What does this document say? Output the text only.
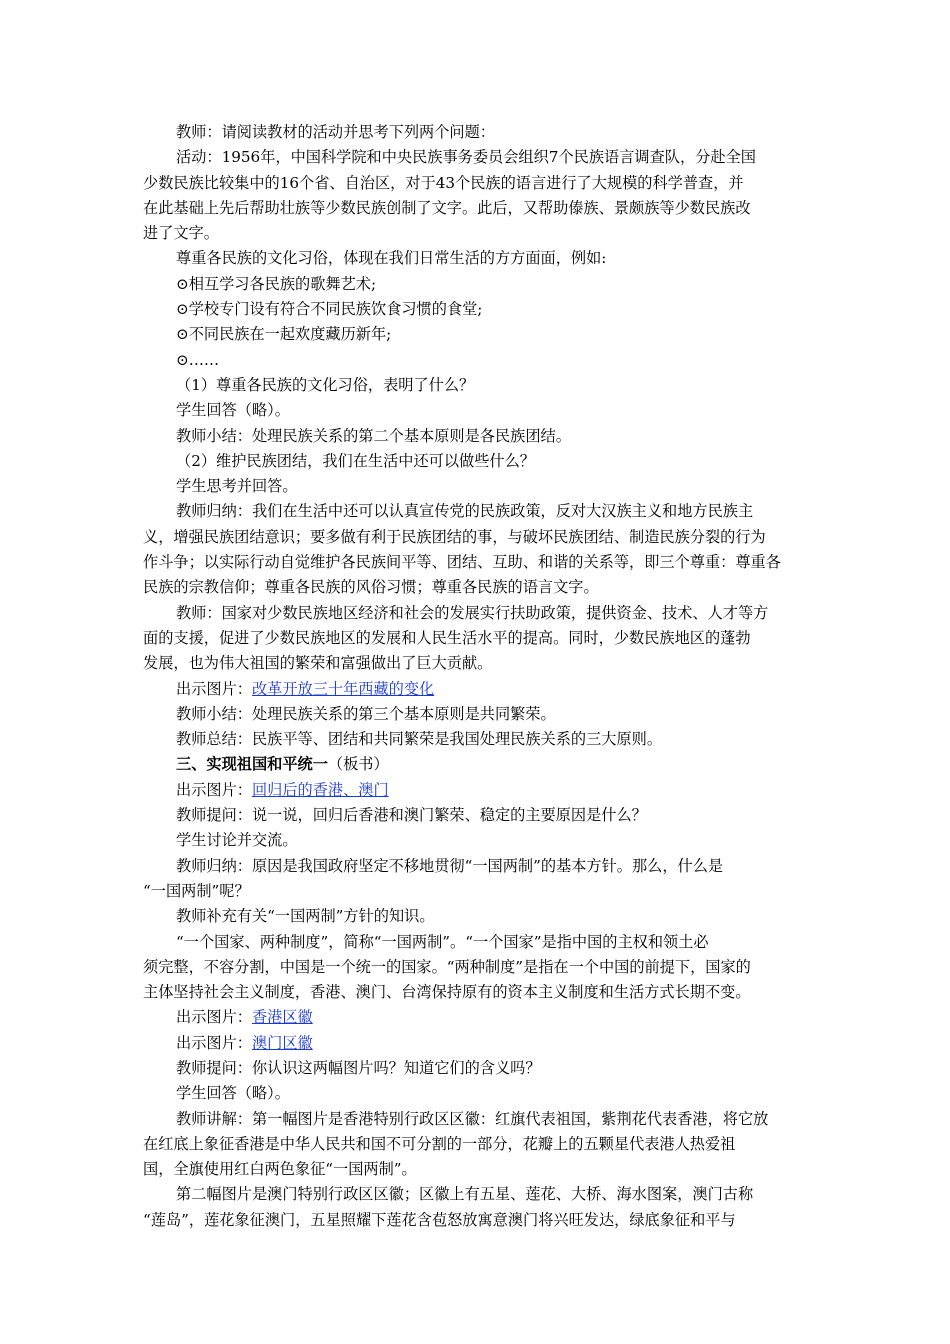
教师：请阅读教材的活动并思考下列两个问题：
活动：1956年，中国科学院和中央民族事务委员会组织7个民族语言调查队，分赴全国
少数民族比较集中的16个省、自治区，对于43个民族的语言进行了大规模的科学普查，并
在此基础上先后帮助壮族等少数民族创制了文字。此后，又帮助傣族、景颇族等少数民族改
进了文字。
尊重各民族的文化习俗，体现在我们日常生活的方方面面，例如:
⊙相互学习各民族的歌舞艺术;
⊙学校专门设有符合不同民族饮食习惯的食堂;
⊙不同民族在一起欢度藏历新年;
⊙……
（1）尊重各民族的文化习俗，表明了什么？
学生回答（略）。
教师小结：处理民族关系的第二个基本原则是各民族团结。
（2）维护民族团结，我们在生活中还可以做些什么？
学生思考并回答。
教师归纳：我们在生活中还可以认真宣传党的民族政策，反对大汉族主义和地方民族主
义，增强民族团结意识；要多做有利于民族团结的事，与破坏民族团结、制造民族分裂的行为
作斗争；以实际行动自觉维护各民族间平等、团结、互助、和谐的关系等，即三个尊重：尊重各
民族的宗教信仰；尊重各民族的风俗习惯；尊重各民族的语言文字。
教师：国家对少数民族地区经济和社会的发展实行扶助政策，提供资金、技术、人才等方
面的支援，促进了少数民族地区的发展和人民生活水平的提高。同时，少数民族地区的蓬勃
发展，也为伟大祖国的繁荣和富强做出了巨大贡献。
出示图片：改革开放三十年西藏的变化
教师小结：处理民族关系的第三个基本原则是共同繁荣。
教师总结：民族平等、团结和共同繁荣是我国处理民族关系的三大原则。
三、实现祖国和平统一（板书）
出示图片：回归后的香港、澳门
教师提问：说一说，回归后香港和澳门繁荣、稳定的主要原因是什么？
学生讨论并交流。
教师归纳：原因是我国政府坚定不移地贯彻“一国两制”的基本方针。那么，什么是
“一国两制”呢？
教师补充有关“一国两制”方针的知识。
“一个国家、两种制度”，简称“一国两制”。“一个国家”是指中国的主权和领土必
须完整，不容分割，中国是一个统一的国家。“两种制度”是指在一个中国的前提下，国家的
主体坚持社会主义制度，香港、澳门、台湾保持原有的资本主义制度和生活方式长期不变。
出示图片：香港区徽
出示图片：澳门区徽
教师提问：你认识这两幅图片吗？知道它们的含义吗？
学生回答（略）。
教师讲解：第一幅图片是香港特别行政区区徽：红旗代表祖国，紫荆花代表香港，将它放
在红底上象征香港是中华人民共和国不可分割的一部分，花瓣上的五颗星代表港人热爱祖
国，全旗使用红白两色象征“一国两制”。
第二幅图片是澳门特别行政区区徽；区徽上有五星、莲花、大桥、海水图案，澳门古称
“莲岛”，莲花象征澳门，五星照耀下莲花含苞怒放寓意澳门将兴旺发达，绿底象征和平与
